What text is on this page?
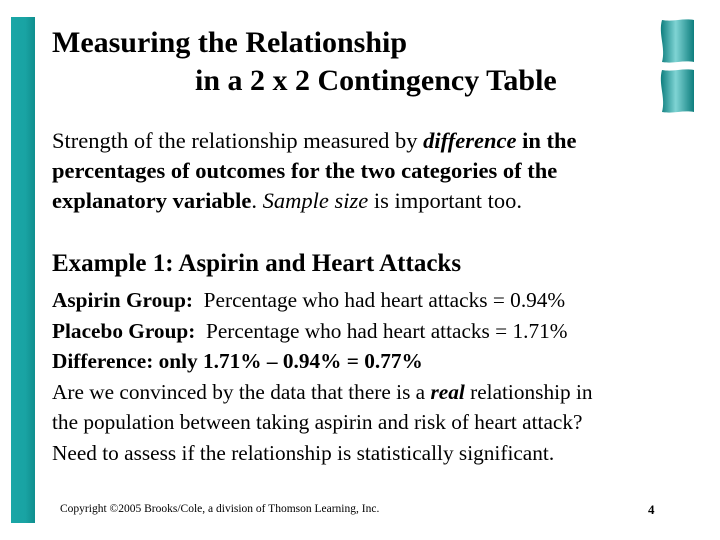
Measuring the Relationship
in a 2 x 2 Contingency Table
Strength of the relationship measured by difference in the percentages of outcomes for the two categories of the explanatory variable. Sample size is important too.
Example 1: Aspirin and Heart Attacks
Aspirin Group:  Percentage who had heart attacks = 0.94%
Placebo Group:  Percentage who had heart attacks = 1.71%
Difference: only 1.71% – 0.94% = 0.77%
Are we convinced by the data that there is a real relationship in
the population between taking aspirin and risk of heart attack?
Need to assess if the relationship is statistically significant.
Copyright ©2005 Brooks/Cole, a division of Thomson Learning, Inc.	4
